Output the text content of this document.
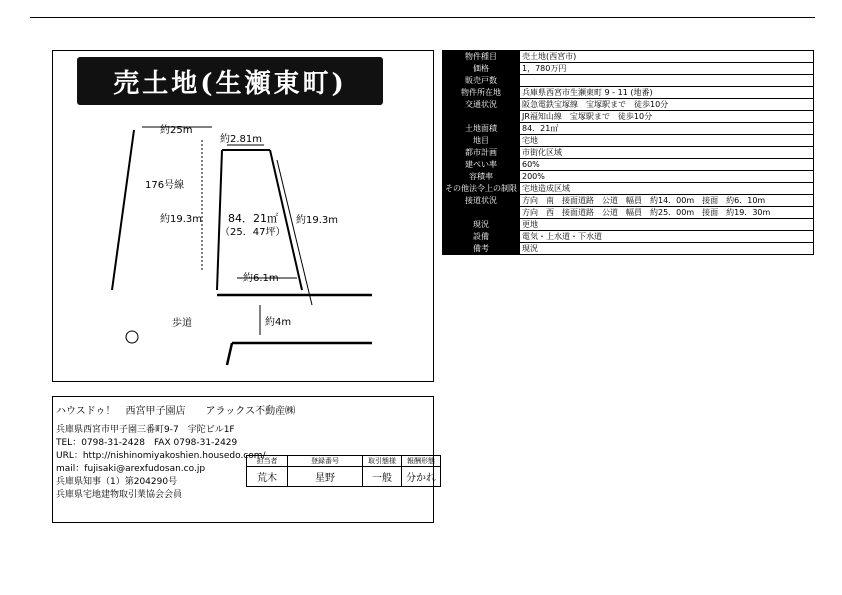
売土地(生瀬東町)
約25m
約2.81m
176号線
約19.3m 84．21㎡
（25．47坪）
約19.3m
約6.1m
歩道	約4m
物件種目	売土地(西宮市)
価格	1，780万円
販売戸数	
物件所在地	兵庫県西宮市生瀬東町 9 - 11 (地番)
交通状況	阪急電鉄宝塚線　宝塚駅まで　徒歩10分
	JR福知山線　宝塚駅まで　徒歩10分
土地面積	84．21㎡
地目	宅地
都市計画	市街化区域
建ぺい率	60%
容積率	200%
その他法令上の制限	宅地造成区域
接道状況	方向　南　接面道路　公道　幅員　約14．00m　接面　約6．10m
	方向　西　接面道路　公道　幅員　約25．00m　接面　約19．30m
現況	更地
設備	電気・上水道・下水道
備考	現況
ハウスドゥ！　西宮甲子園店　　アラックス不動産㈱
兵庫県西宮市甲子園三番町9-7　宇陀ビル1F
TEL：0798-31-2428　FAX 0798-31-2429
URL：http://nishinomiyakoshien.housedo.com/
mail：fujisaki@arexfudosan.co.jp
兵庫県知事（1）第204290号
兵庫県宅地建物取引業協会会員
担当者	登録番号	取引態様	報酬形態
荒木	星野	一般	分かれ
